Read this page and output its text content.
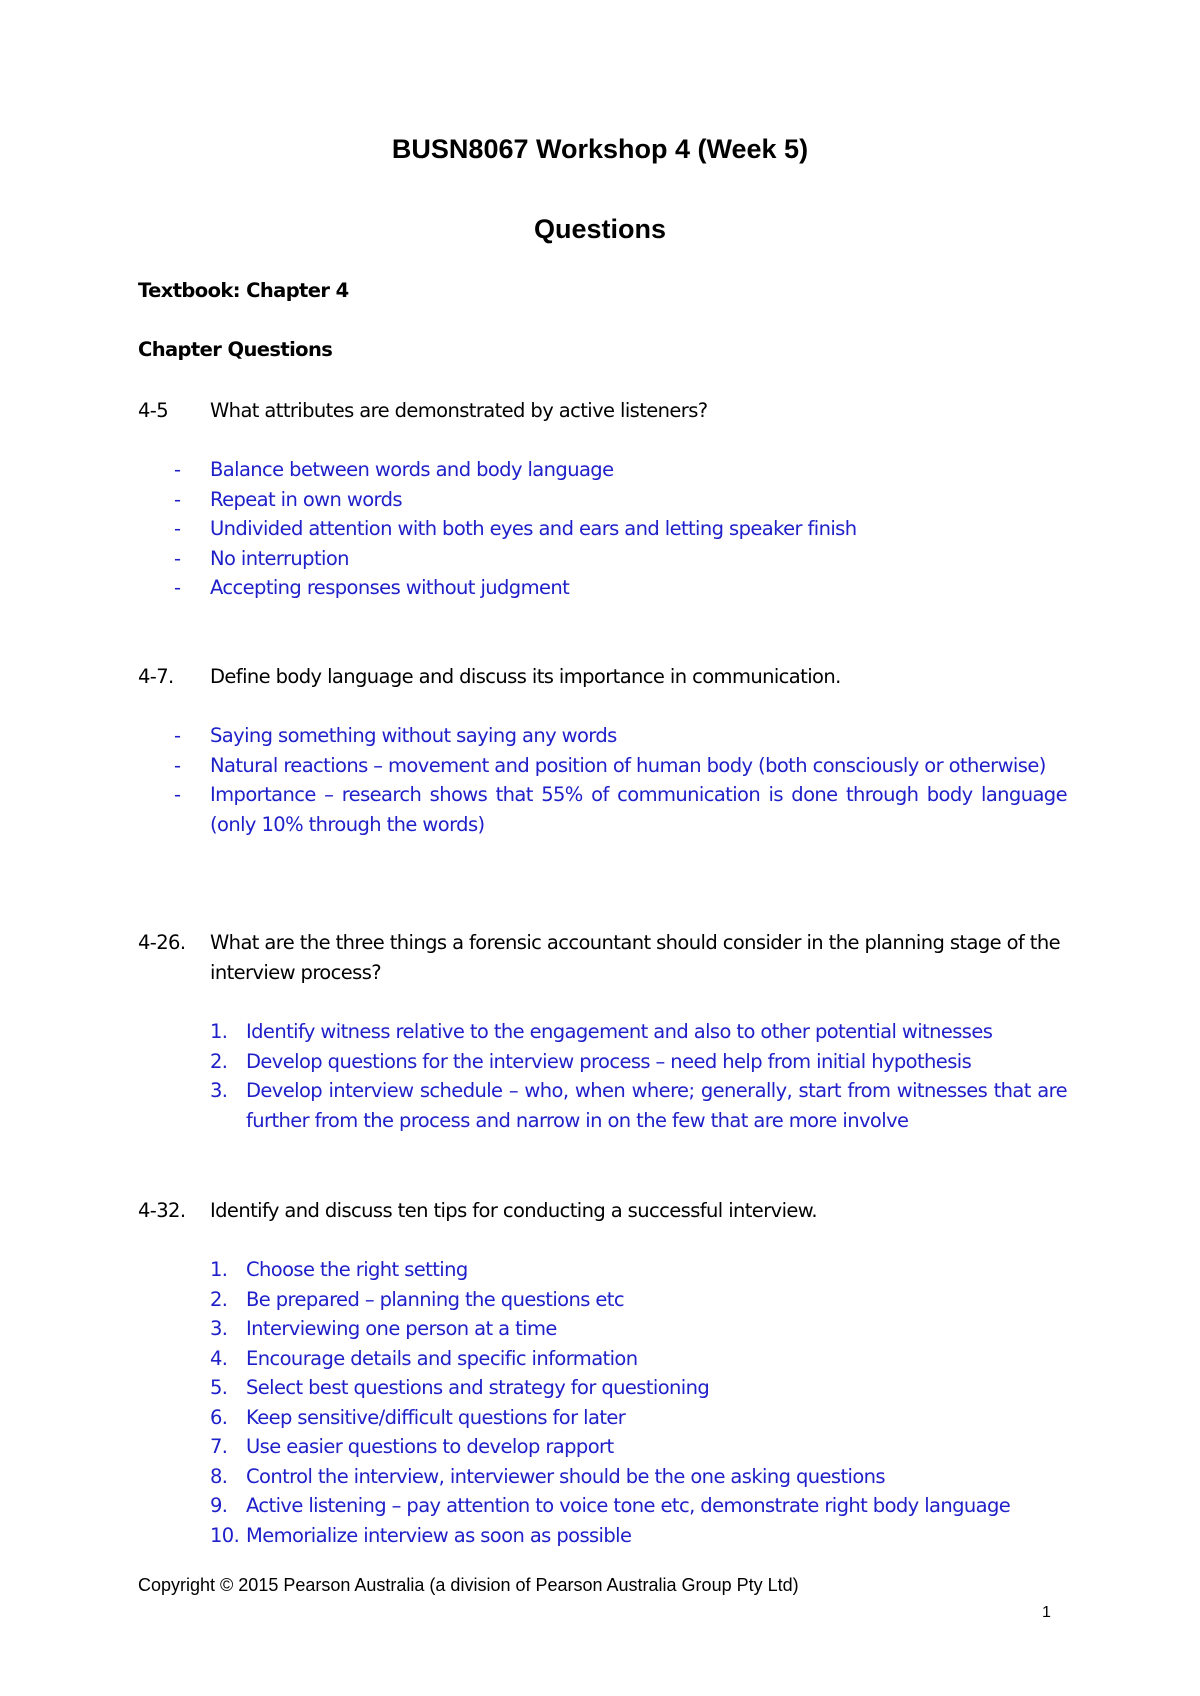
BUSN8067 Workshop 4 (Week 5)
Questions
Textbook: Chapter 4
Chapter Questions
4-5 What attributes are demonstrated by active listeners?
- Balance between words and body language
- Repeat in own words
- Undivided attention with both eyes and ears and letting speaker finish
- No interruption
- Accepting responses without judgment
4-7. Define body language and discuss its importance in communication.
- Saying something without saying any words
- Natural reactions – movement and position of human body (both consciously or otherwise)
- Importance – research shows that 55% of communication is done through body language (only 10% through the words)
4-26. What are the three things a forensic accountant should consider in the planning stage of the interview process?
1. Identify witness relative to the engagement and also to other potential witnesses
2. Develop questions for the interview process – need help from initial hypothesis
3. Develop interview schedule – who, when where; generally, start from witnesses that are further from the process and narrow in on the few that are more involve
4-32. Identify and discuss ten tips for conducting a successful interview.
1. Choose the right setting
2. Be prepared – planning the questions etc
3. Interviewing one person at a time
4. Encourage details and specific information
5. Select best questions and strategy for questioning
6. Keep sensitive/difficult questions for later
7. Use easier questions to develop rapport
8. Control the interview, interviewer should be the one asking questions
9. Active listening – pay attention to voice tone etc, demonstrate right body language
10. Memorialize interview as soon as possible
Copyright © 2015 Pearson Australia (a division of Pearson Australia Group Pty Ltd)
1
